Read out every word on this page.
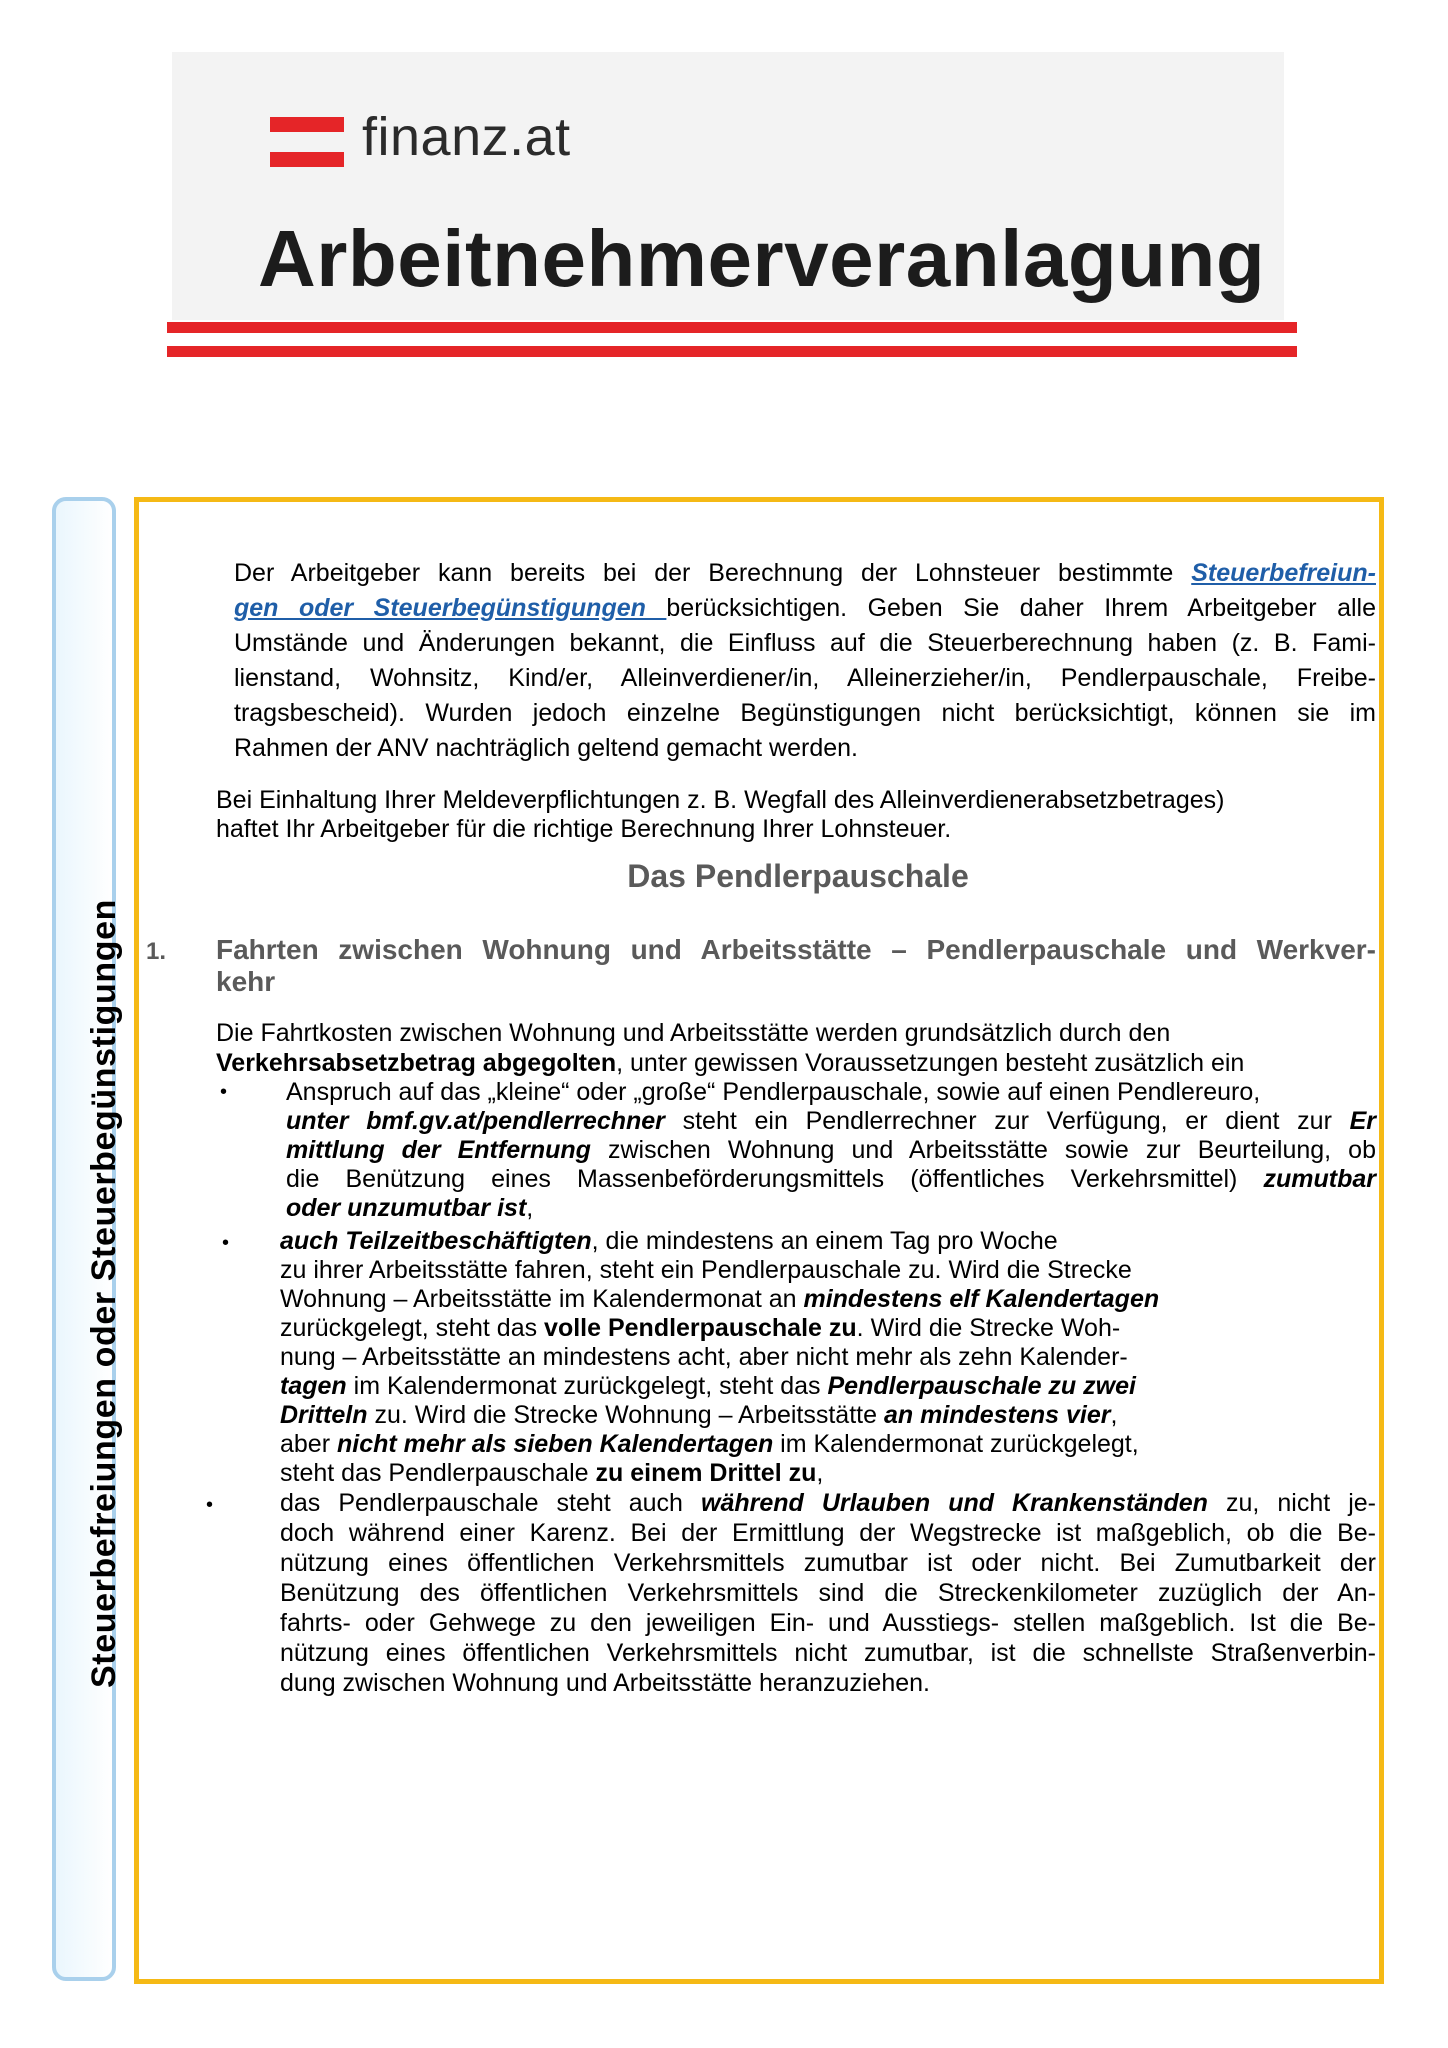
finanz.at
Arbeitnehmerveranlagung
Steuerbefreiungen oder Steuerbegünstigungen
Der Arbeitgeber kann bereits bei der Berechnung der Lohnsteuer bestimmte Steuerbefreiun-
gen oder Steuerbegünstigungen berücksichtigen. Geben Sie daher Ihrem Arbeitgeber alle
Umstände und Änderungen bekannt, die Einfluss auf die Steuerberechnung haben (z. B. Fami-
lienstand, Wohnsitz, Kind/er, Alleinverdiener/in, Alleinerzieher/in, Pendlerpauschale, Freibe-
tragsbescheid). Wurden jedoch einzelne Begünstigungen nicht berücksichtigt, können sie im
Rahmen der ANV nachträglich geltend gemacht werden.
Bei Einhaltung Ihrer Meldeverpflichtungen z. B. Wegfall des Alleinverdienerabsetzbetrages)
haftet Ihr Arbeitgeber für die richtige Berechnung Ihrer Lohnsteuer.
Das Pendlerpauschale
1. Fahrten zwischen Wohnung und Arbeitsstätte – Pendlerpauschale und Werkver-
kehr
Die Fahrtkosten zwischen Wohnung und Arbeitsstätte werden grundsätzlich durch den
Verkehrsabsetzbetrag abgegolten, unter gewissen Voraussetzungen besteht zusätzlich ein
• Anspruch auf das „kleine“ oder „große“ Pendlerpauschale, sowie auf einen Pendlereuro,
unter bmf.gv.at/pendlerrechner steht ein Pendlerrechner zur Verfügung, er dient zur Er
mittlung der Entfernung zwischen Wohnung und Arbeitsstätte sowie zur Beurteilung, ob
die Benützung eines Massenbeförderungsmittels (öffentliches Verkehrsmittel) zumutbar
oder unzumutbar ist,
• auch Teilzeitbeschäftigten, die mindestens an einem Tag pro Woche
zu ihrer Arbeitsstätte fahren, steht ein Pendlerpauschale zu. Wird die Strecke
Wohnung – Arbeitsstätte im Kalendermonat an mindestens elf Kalendertagen
zurückgelegt, steht das volle Pendlerpauschale zu. Wird die Strecke Woh-
nung – Arbeitsstätte an mindestens acht, aber nicht mehr als zehn Kalender-
tagen im Kalendermonat zurückgelegt, steht das Pendlerpauschale zu zwei
Dritteln zu. Wird die Strecke Wohnung – Arbeitsstätte an mindestens vier,
aber nicht mehr als sieben Kalendertagen im Kalendermonat zurückgelegt,
steht das Pendlerpauschale zu einem Drittel zu,
•	das Pendlerpauschale steht auch während Urlauben und Krankenständen zu, nicht je-
doch während einer Karenz. Bei der Ermittlung der Wegstrecke ist maßgeblich, ob die Be-
nützung eines öffentlichen Verkehrsmittels zumutbar ist oder nicht. Bei Zumutbarkeit der
Benützung des öffentlichen Verkehrsmittels sind die Streckenkilometer zuzüglich der An-
fahrts- oder Gehwege zu den jeweiligen Ein- und Ausstiegs- stellen maßgeblich. Ist die Be-
nützung eines öffentlichen Verkehrsmittels nicht zumutbar, ist die schnellste Straßenverbin-
dung zwischen Wohnung und Arbeitsstätte heranzuziehen.
